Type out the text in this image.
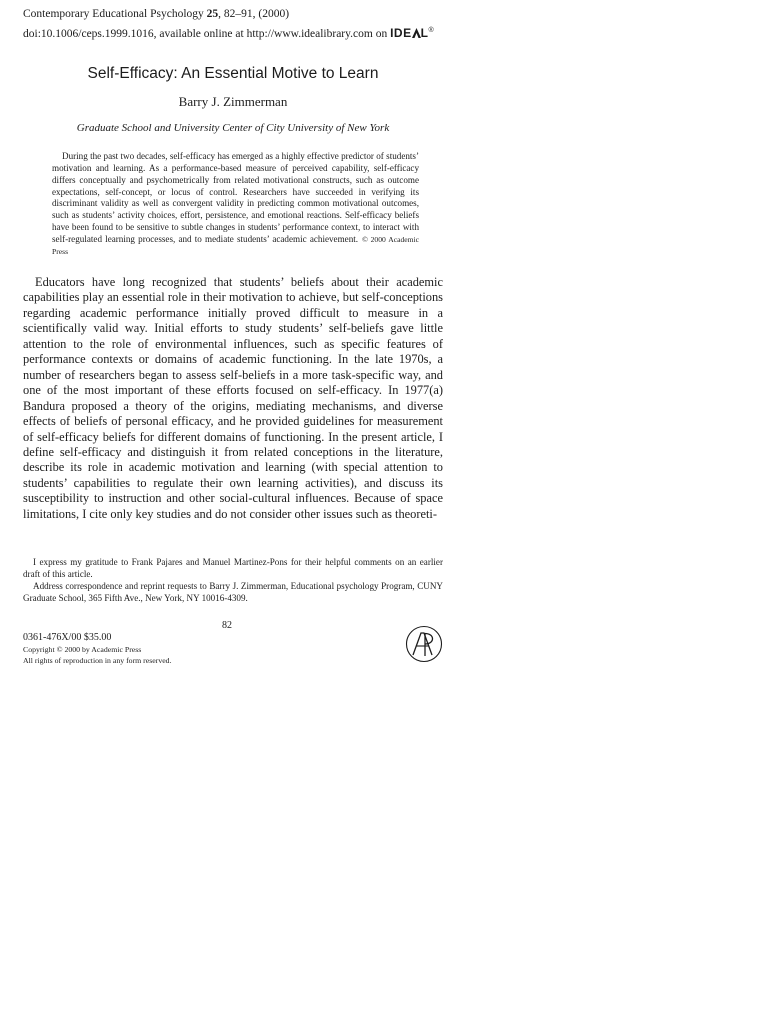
Contemporary Educational Psychology 25, 82–91, (2000)
doi:10.1006/ceps.1999.1016, available online at http://www.idealibrary.com on IDE L®
Self-Efficacy: An Essential Motive to Learn
Barry J. Zimmerman
Graduate School and University Center of City University of New York
During the past two decades, self-efficacy has emerged as a highly effective predictor of students’ motivation and learning. As a performance-based measure of perceived capability, self-efficacy differs conceptually and psychometrically from related motivational constructs, such as outcome expectations, self-concept, or locus of control. Researchers have succeeded in verifying its discriminant validity as well as convergent validity in predicting common motivational outcomes, such as students’ activity choices, effort, persistence, and emotional reactions. Self-efficacy beliefs have been found to be sensitive to subtle changes in students’ performance context, to interact with self-regulated learning processes, and to mediate students’ academic achievement. © 2000 Academic Press
Educators have long recognized that students’ beliefs about their academic capabilities play an essential role in their motivation to achieve, but self-conceptions regarding academic performance initially proved difficult to measure in a scientifically valid way. Initial efforts to study students’ self-beliefs gave little attention to the role of environmental influences, such as specific features of performance contexts or domains of academic functioning. In the late 1970s, a number of researchers began to assess self-beliefs in a more task-specific way, and one of the most important of these efforts focused on self-efficacy. In 1977(a) Bandura proposed a theory of the origins, mediating mechanisms, and diverse effects of beliefs of personal efficacy, and he provided guidelines for measurement of self-efficacy beliefs for different domains of functioning. In the present article, I define self-efficacy and distinguish it from related conceptions in the literature, describe its role in academic motivation and learning (with special attention to students’ capabilities to regulate their own learning activities), and discuss its susceptibility to instruction and other social-cultural influences. Because of space limitations, I cite only key studies and do not consider other issues such as theoreti-
I express my gratitude to Frank Pajares and Manuel Martinez-Pons for their helpful comments on an earlier draft of this article.
Address correspondence and reprint requests to Barry J. Zimmerman, Educational psychology Program, CUNY Graduate School, 365 Fifth Ave., New York, NY 10016-4309.
82
0361-476X/00 $35.00
Copyright © 2000 by Academic Press
All rights of reproduction in any form reserved.
